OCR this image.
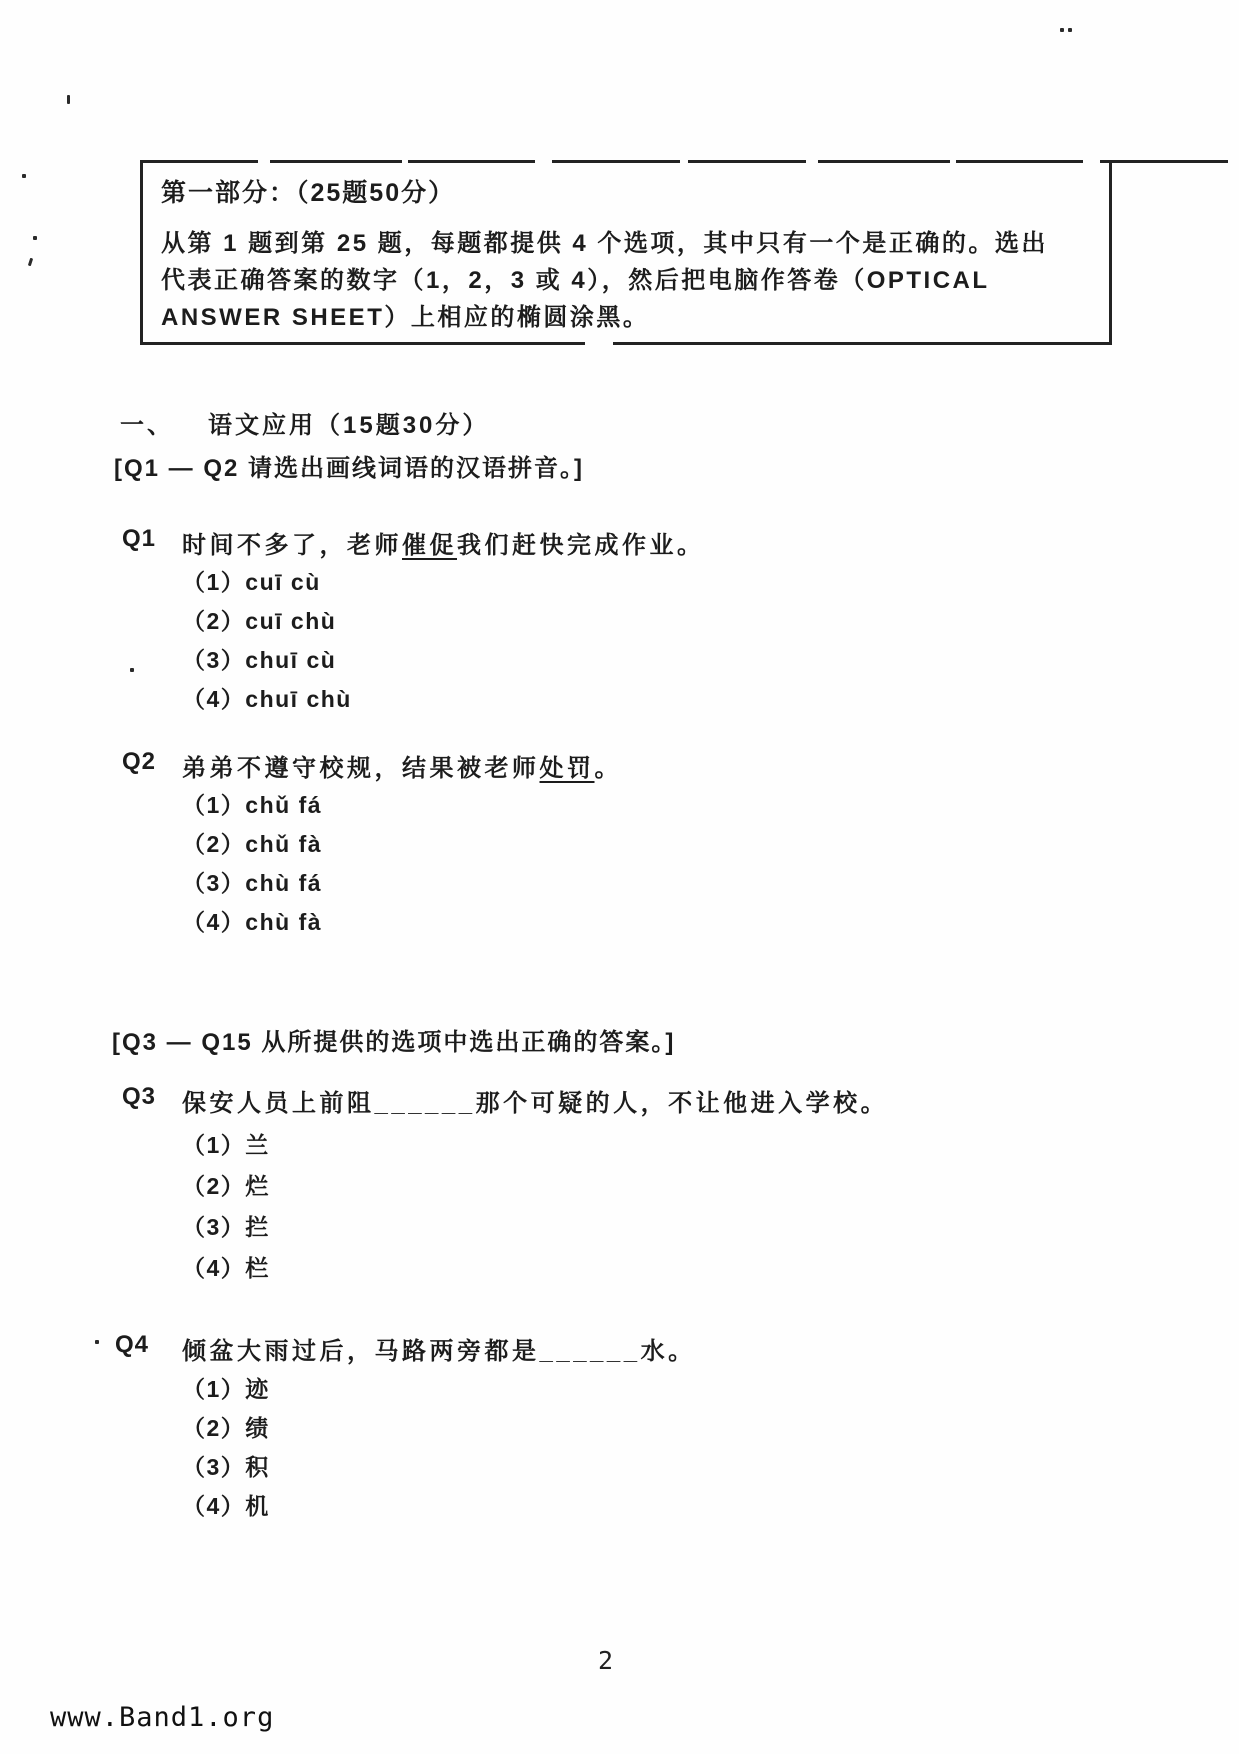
第一部分：（25题50分）
从第 1 题到第 25 题，每题都提供 4 个选项，其中只有一个是正确的。选出
代表正确答案的数字（1，2，3 或 4），然后把电脑作答卷（OPTICAL
ANSWER SHEET）上相应的椭圆涂黑。
一、 语文应用（15题30分）
[Q1 — Q2 请选出画线词语的汉语拼音。]
Q1 时间不多了，老师催促我们赶快完成作业。
（1）cuī cù
（2）cuī chù
（3）chuī cù
（4）chuī chù
Q2 弟弟不遵守校规，结果被老师处罚。
（1）chǔ fá
（2）chǔ fà
（3）chù fá
（4）chù fà
[Q3 — Q15 从所提供的选项中选出正确的答案。]
Q3 保安人员上前阻______那个可疑的人，不让他进入学校。
（1）兰
（2）烂
（3）拦
（4）栏
Q4 倾盆大雨过后，马路两旁都是______水。
（1）迹
（2）绩
（3）积
（4）机
2
www.Band1.org
